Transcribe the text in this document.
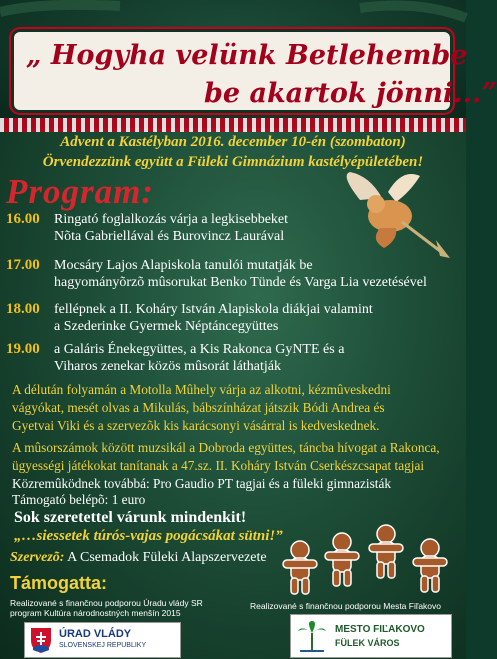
„ Hogyha velünk Betlehembe
be akartok jönni...”
Advent a Kastélyban 2016. december 10-én (szombaton)
Örvendezzünk együtt a Füleki Gimnázium kastélyépületében!
Program:
16.00 Ringató foglalkozás várja a legkisebbeket
Nõta Gabriellával és Burovincz Laurával
17.00 Mocsáry Lajos Alapiskola tanulói mutatják be
hagyományõrzõ mûsorukat Benko Tünde és Varga Lia vezetésével
18.00 fellépnek a II. Koháry István Alapiskola diákjai valamint
a Szederinke Gyermek Néptáncegyüttes
19.00 a Galáris Énekegyüttes, a Kis Rakonca GyNTE és a
Viharos zenekar közös mûsorát láthatják
A délután folyamán a Motolla Mûhely várja az alkotni, kézmûveskedni
vágyókat, mesét olvas a Mikulás, bábszínházat játszik Bódi Andrea és
Gyetvai Viki és a szervezõk kis karácsonyi vásárral is kedveskednek.
A mûsorszámok között muzsikál a Dobroda együttes, táncba hívogat a Rakonca,
ügyességi játékokat tanítanak a 47.sz. II. Koháry István Cserkészcsapat tagjai
Közremûködnek továbbá: Pro Gaudio PT tagjai és a füleki gimnazisták
Támogató belépõ: 1 euro
Sok szeretettel várunk mindenkit!
„…siessetek túrós-vajas pogácsákat sütni!”
Szervezõ: A Csemadok Füleki Alapszervezete
Támogatta:
Realizované s finančnou podporou Úradu vlády SR
program Kultúra národnostných menšín 2015
Realizované s finančnou podporou Mesta Fiľakovo
ÚRAD VLÁDY
SLOVENSKEJ REPUBLIKY
MESTO FIĽAKOVO
FÜLEK VÁROS
